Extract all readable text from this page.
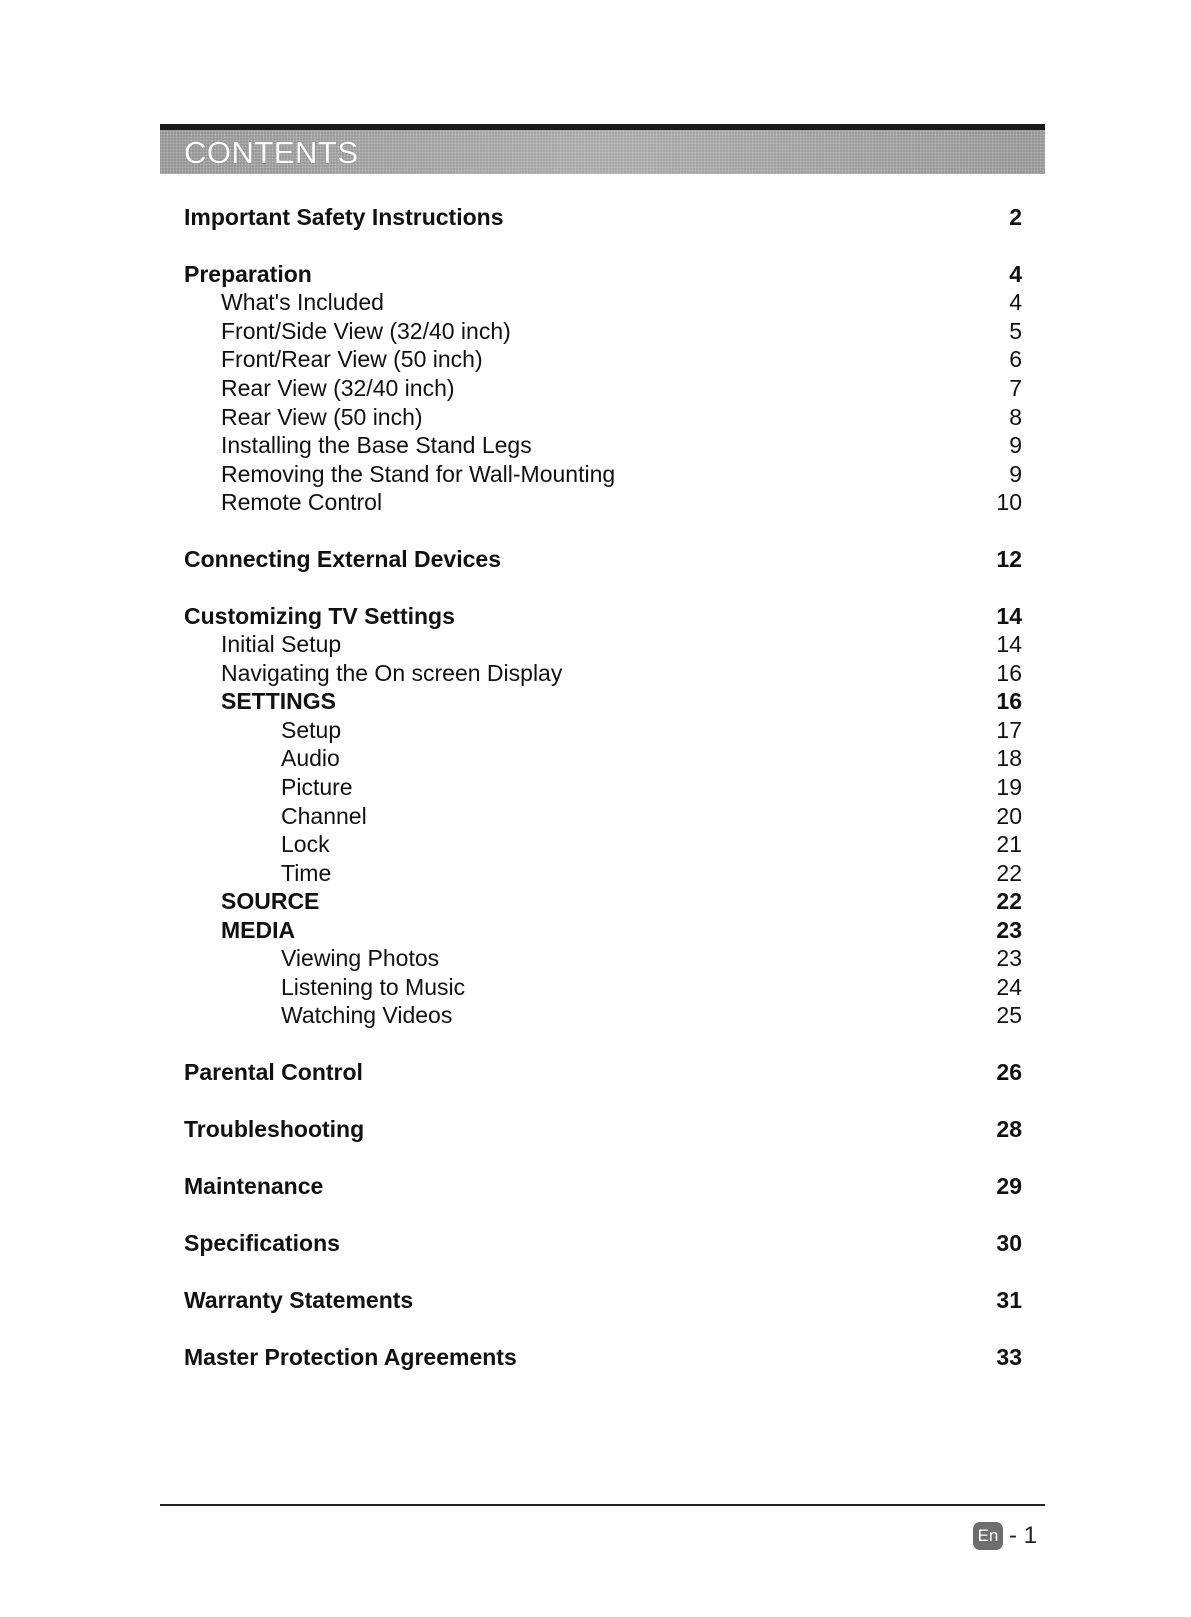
CONTENTS
Important Safety Instructions	2
Preparation	4
What's Included	4
Front/Side View (32/40 inch)	5
Front/Rear View (50 inch)	6
Rear View (32/40 inch)	7
Rear View (50 inch)	8
Installing the Base Stand Legs	9
Removing the Stand for Wall-Mounting	9
Remote Control	10
Connecting External Devices	12
Customizing TV Settings	14
Initial Setup	14
Navigating the On screen Display	16
SETTINGS	16
Setup	17
Audio	18
Picture	19
Channel	20
Lock	21
Time	22
SOURCE	22
MEDIA	23
Viewing Photos	23
Listening to Music	24
Watching Videos	25
Parental Control	26
Troubleshooting	28
Maintenance	29
Specifications	30
Warranty Statements	31
Master Protection Agreements	33
En - 1
